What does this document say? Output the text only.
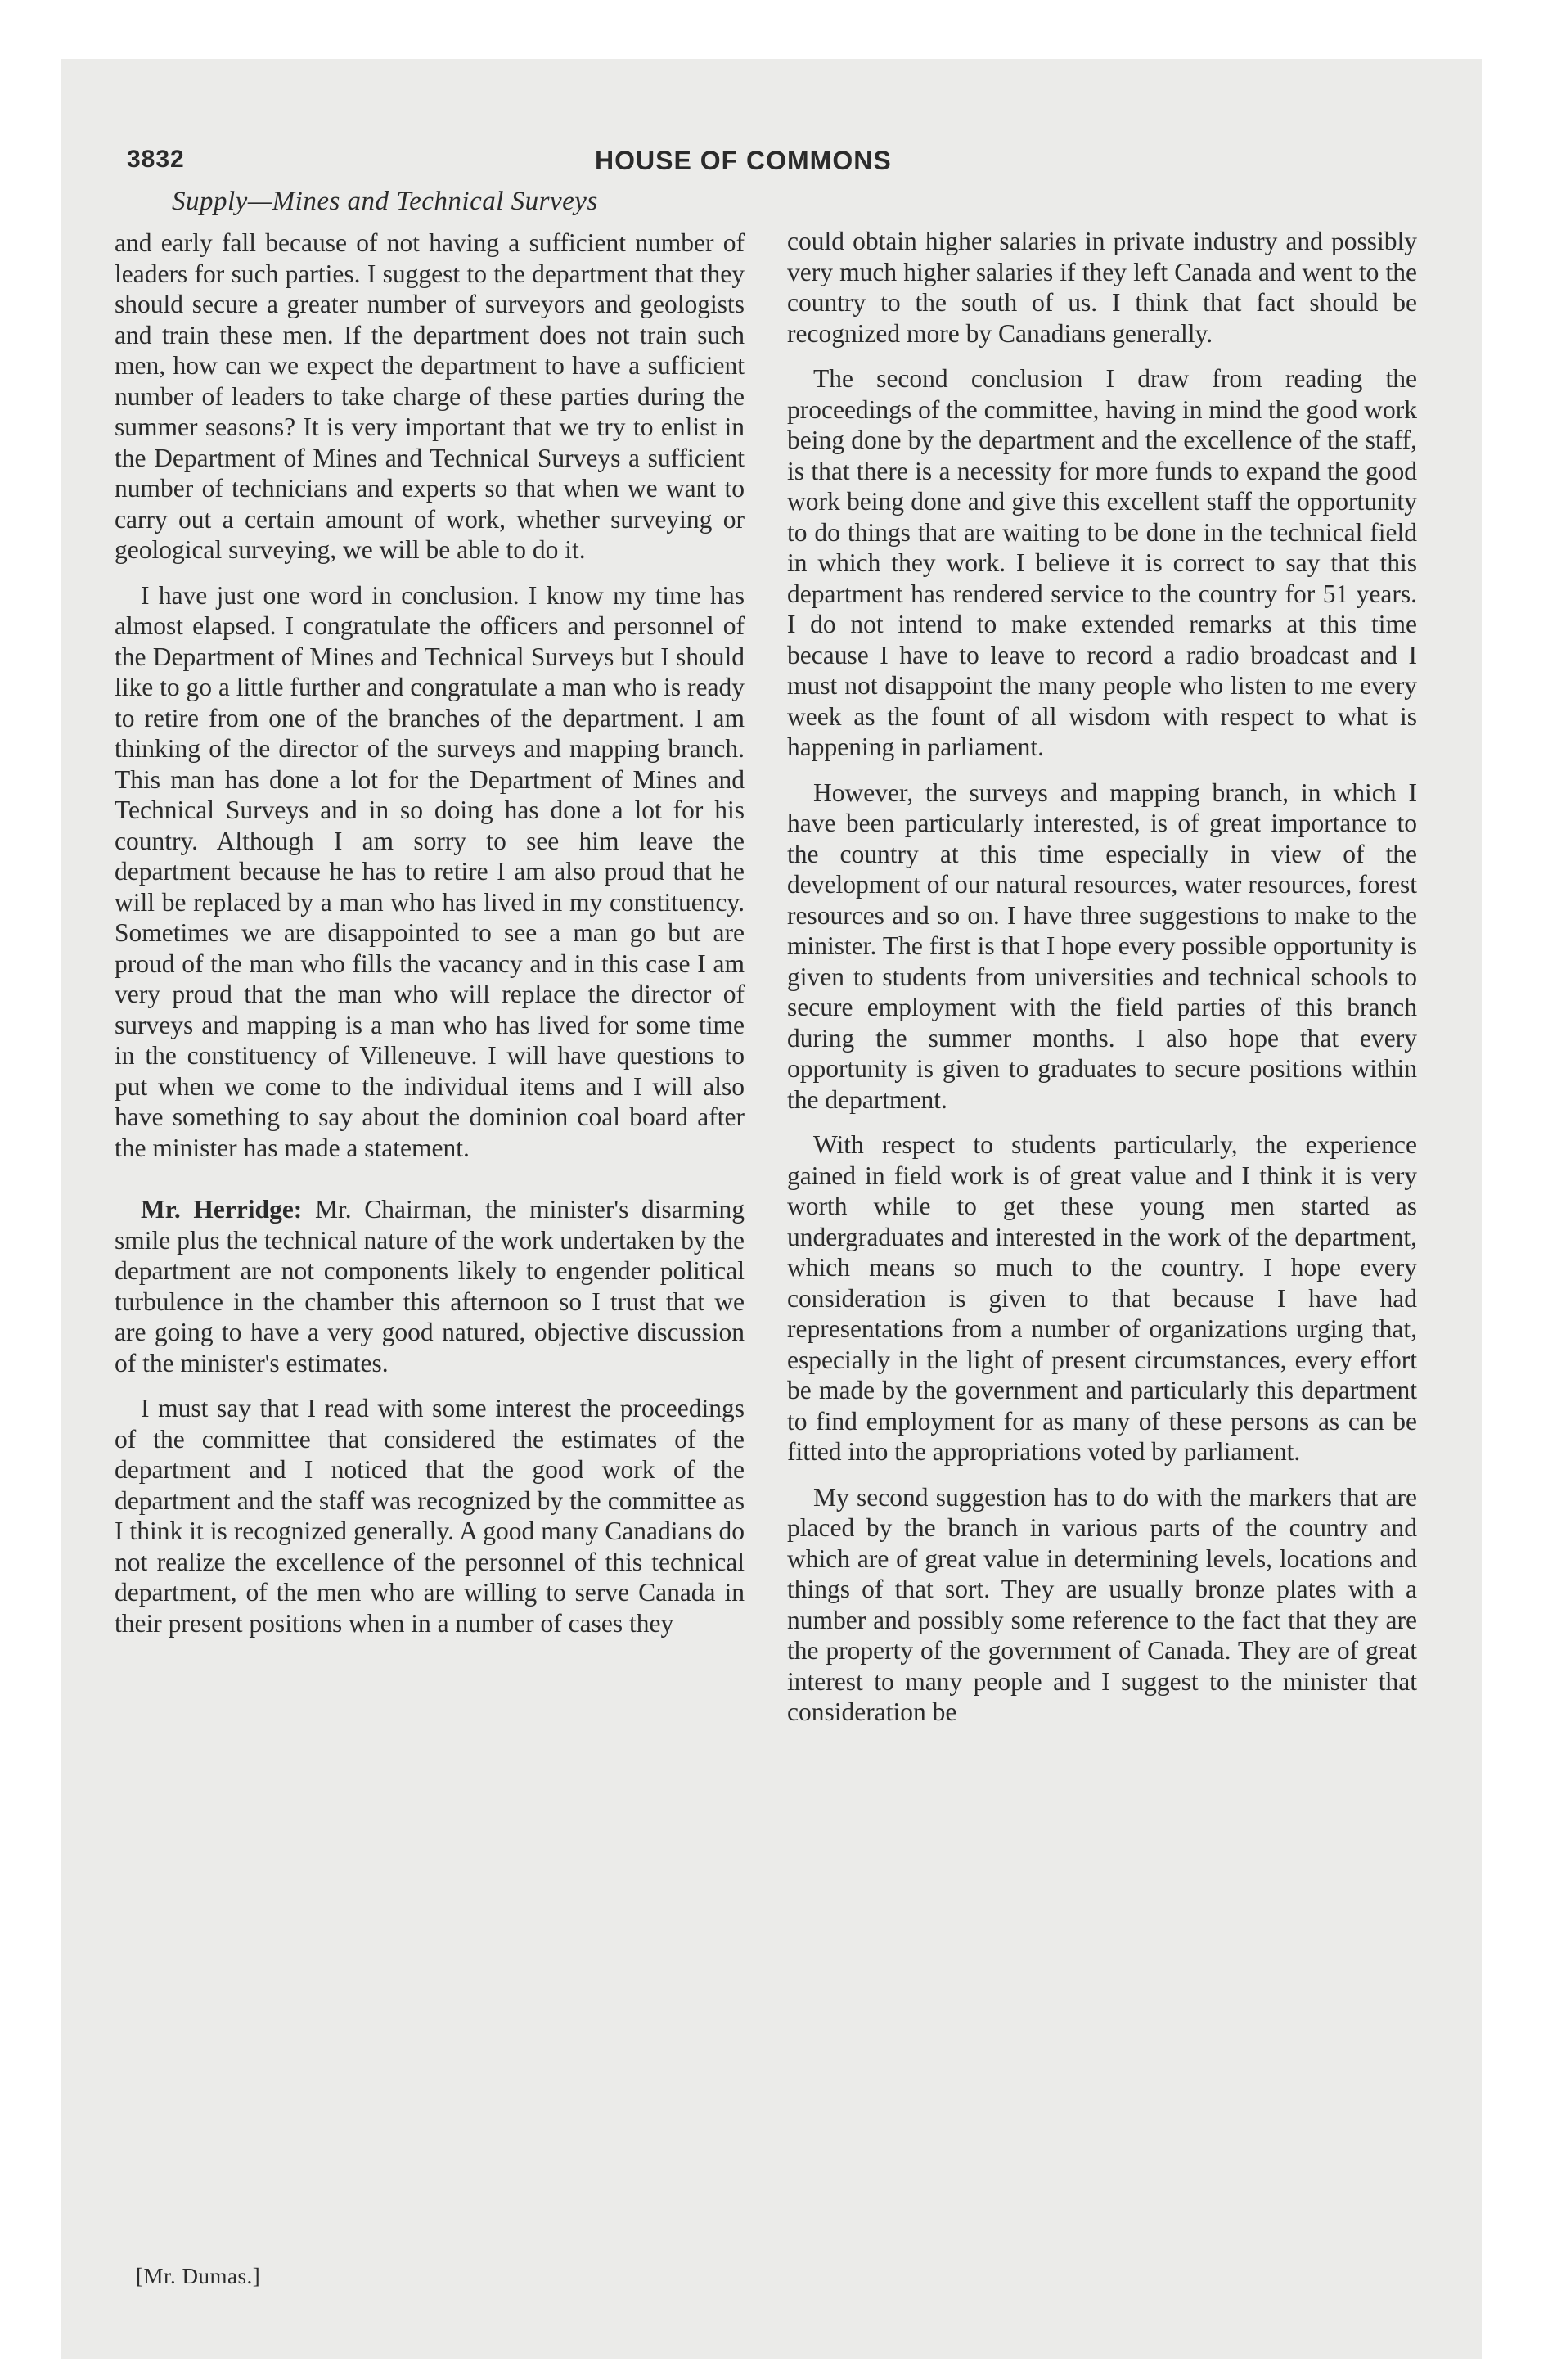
3832	HOUSE OF COMMONS
Supply—Mines and Technical Surveys

and early fall because of not having a sufficient number of leaders for such parties. I suggest to the department that they should secure a greater number of surveyors and geologists and train these men. If the department does not train such men, how can we expect the department to have a sufficient number of leaders to take charge of these parties during the summer seasons? It is very important that we try to enlist in the Department of Mines and Technical Surveys a sufficient number of technicians and experts so that when we want to carry out a certain amount of work, whether surveying or geological surveying, we will be able to do it.

I have just one word in conclusion. I know my time has almost elapsed. I congratulate the officers and personnel of the Department of Mines and Technical Surveys but I should like to go a little further and congratulate a man who is ready to retire from one of the branches of the department. I am thinking of the director of the surveys and mapping branch. This man has done a lot for the Department of Mines and Technical Surveys and in so doing has done a lot for his country. Although I am sorry to see him leave the department because he has to retire I am also proud that he will be replaced by a man who has lived in my constituency. Sometimes we are disappointed to see a man go but are proud of the man who fills the vacancy and in this case I am very proud that the man who will replace the director of surveys and mapping is a man who has lived for some time in the constituency of Villeneuve. I will have questions to put when we come to the individual items and I will also have something to say about the dominion coal board after the minister has made a statement.

Mr. Herridge: Mr. Chairman, the minister's disarming smile plus the technical nature of the work undertaken by the department are not components likely to engender political turbulence in the chamber this afternoon so I trust that we are going to have a very good natured, objective discussion of the minister's estimates.

I must say that I read with some interest the proceedings of the committee that considered the estimates of the department and I noticed that the good work of the department and the staff was recognized by the committee as I think it is recognized generally. A good many Canadians do not realize the excellence of the personnel of this technical department, of the men who are willing to serve Canada in their present positions when in a number of cases they

could obtain higher salaries in private industry and possibly very much higher salaries if they left Canada and went to the country to the south of us. I think that fact should be recognized more by Canadians generally.

The second conclusion I draw from reading the proceedings of the committee, having in mind the good work being done by the department and the excellence of the staff, is that there is a necessity for more funds to expand the good work being done and give this excellent staff the opportunity to do things that are waiting to be done in the technical field in which they work. I believe it is correct to say that this department has rendered service to the country for 51 years. I do not intend to make extended remarks at this time because I have to leave to record a radio broadcast and I must not disappoint the many people who listen to me every week as the fount of all wisdom with respect to what is happening in parliament.

However, the surveys and mapping branch, in which I have been particularly interested, is of great importance to the country at this time especially in view of the development of our natural resources, water resources, forest resources and so on. I have three suggestions to make to the minister. The first is that I hope every possible opportunity is given to students from universities and technical schools to secure employment with the field parties of this branch during the summer months. I also hope that every opportunity is given to graduates to secure positions within the department.

With respect to students particularly, the experience gained in field work is of great value and I think it is very worth while to get these young men started as undergraduates and interested in the work of the department, which means so much to the country. I hope every consideration is given to that because I have had representations from a number of organizations urging that, especially in the light of present circumstances, every effort be made by the government and particularly this department to find employment for as many of these persons as can be fitted into the appropriations voted by parliament.

My second suggestion has to do with the markers that are placed by the branch in various parts of the country and which are of great value in determining levels, locations and things of that sort. They are usually bronze plates with a number and possibly some reference to the fact that they are the property of the government of Canada. They are of great interest to many people and I suggest to the minister that consideration be

[Mr. Dumas.]
